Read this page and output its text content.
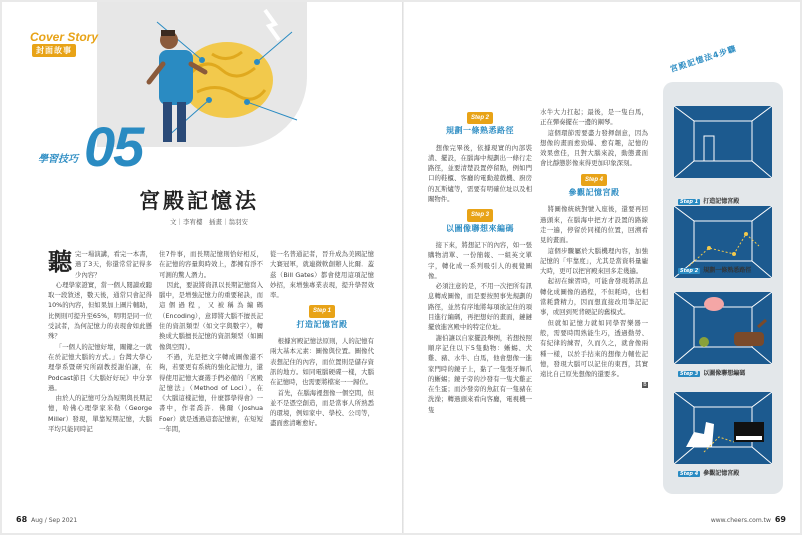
Cover Story
封面故事
學習技巧 05
宮殿記憶法
文｜李宥樓　插畫｜翁羽安

聽完一場演講，看完一本書，過了3天，你還常常記得多少內容？

心理學家證實，當一個人閱讀或聽取一段敘述，數天後，通常只會記得10%的內容，但如果加上圖片輔助，比例則可提升至65%，明明是同一位受試者，為何記憶力的表現會如此懸殊？

「一個人的記憶好壞，關鍵之一就在於記憶大腦的方式。」台灣大學心理學系暨研究所副教授謝伯讓，在Podcast節目《大腦好好玩》中分享過。

由於人的記憶可分為短期與長期記憶，哈佛心理學家米勒（George Miller）發現，單靠短期記憶，大腦平均只能同時記

住7件事，而長期記憶則恰好相反，在記憶的容量與時效上，都擁有淨不可測的驚人潛力。

因此，要說將資訊以長期記憶寫入腦中，是增強記憶力的重要秘訣，而這個過程，又被稱為編碼（Encoding），意即將大腦不擅長記住的資訊類型（如文字與數字），轉換成大腦擅長記憶的資訊類型（如圖像與空間）。

不過，光是把文字轉成圖像還不夠，若要更有系統的強化記憶力，還得使用記憶大賽選手們必備的「宮殿記憶法」（Method of Loci）。在《大腦這樣記憶，什麼都學得會》一書中，作者喬許．佛爾（Joshua Foer）就是透過這套記憶術，在短短一年間，

從一名普通記者，晉升成為美國記憶大賽冠軍，就連微軟創辦人比爾．蓋茲（Bill Gates）都會使用這項記憶妙招，來增強專業表現，提升學習效率。

Step 1
打造記憶宮殿

根據宮殿記憶法原則，人的記憶有兩大基本元素：圖像與位置。圖像代表想記住的內容，而位置則是儲存資訊的地方。如同電腦硬碟一樣，大腦在記憶時，也需要將檔案一一歸位。

首先，在腦海裡想像一個空間，但並不是憑空創造，而是當事人所熟悉的環境，例如家中、學校、公司等，盡面愈清晰愈好。

Step 2
規劃一條熟悉路徑

想像完畢後，依據現實的內部裝潢、擺設，在腦海中規劃出一條行走路徑，並要清楚設置停留點，例如門口的鞋櫃、客廳的電動遊戲機、廚房的瓦斯爐等，需要有明確位址以及相關物件。

Step 3
以圖像聯想來編碼

接下來，將想記下的內容，如一張購物清單、一份簡報、一組英文單字，轉化成一系列吸引人的視覺圖像。

必須注意的是，不用一次把所有訊息轉成圖像，而是要按照事先規劃的路徑，並然有序地將每項欲記住的項目進行編碼，再把想好的畫面，鏈鏈擺放進宮殿中的特定位址。

謝伯讓以自家擺設舉例，若想按照順序記住以下5隻動物：蜥蜴、犬雞、豬、水牛、白馬，他會想像一進家門時的鏡子上，黏了一隻張牙舞爪的蜥蜴；鏡子旁的沙發有一隻犬雞正在生蛋；而沙發旁的魚缸有一隻豬在洗澡；轉過頭來看向客廳，電視機一隻

水牛大力扛起；最後，是一隻白馬，正在彈奏擺在一邊的鋼琴。

這個環節需要盡力發揮創意，因為想像的畫面愈勁爆、愈有趣，記憶的效果愈佳，且對大腦來說，動態畫面會比靜態影像來得更加印象深刻。

Step 4
參觀記憶宮殿

將圖像統統對號入座後，還要再回過頭來，在腦海中把方才設置的路線走一遍，停留於同樣的位置，回溯看見的畫面。

這個步驟屬於大腦機理內容，加強記憶的「牢靠度」，尤其是當資料量龐大時，更可以把宮殿來回多走幾遍。

起初在練習時，可能會發現將訊息轉化成圖像的過程，不但耗時，也相當耗費精力，因而想直接改用筆記記事，或回到死背硬記的舊模式。

但就如記憶力就如同學習樂器一般，需要時間熟能生巧，透過勤勞、有紀律的練習，久而久之，就會像兩種一樣，以於手拈來的想像力輔佐記憶，發現大腦可以記住的東西，其實遠比自己原先想像的還要多。

B

宮殿記憶法4步驟
Step 1 打造記憶宮殿
Step 2 規劃一條熟悉路徑
Step 3 以圖像聯想編碼
Step 4 參觀記憶宮殿
68 Aug / Sep 2021	www.cheers.com.tw 69
